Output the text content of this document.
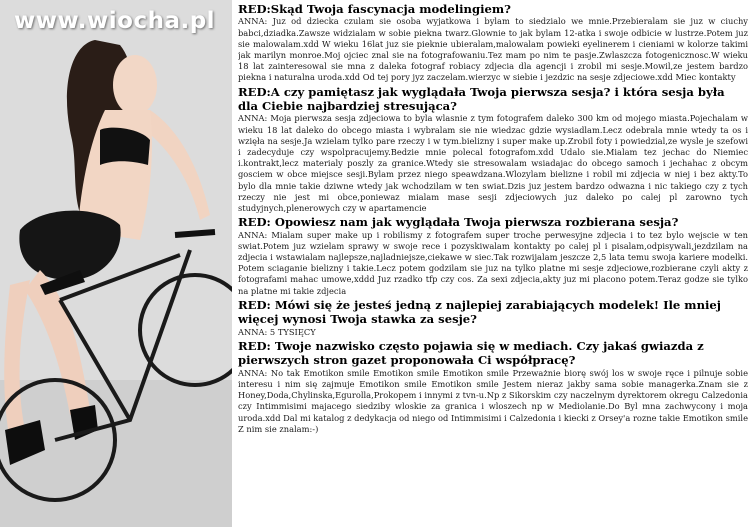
www.wiocha.pl RED:Skąd Twoja fascynacja modelingiem?

ANNA: Juz od dziecka czulam sie osoba wyjatkowa i bylam to siedzialo we mnie.Przebieralam sie juz w ciuchy babci,dziadka.Zawsze widzialam w sobie piekna twarz.Glownie to jak bylam 12-atka i swoje odbicie w lustrze.Potem juz sie malowalam.xdd W wieku 16lat juz sie pieknie ubieralam,malowalam powieki eyelinerem i cieniami w kolorze takimi jak marilyn monroe.Moj ojciec znal sie na fotografowaniu.Tez mam po nim te pasje.Zwlaszcza fotogenicznosc.W wieku 18 lat zainteresowal sie mna z daleka fotograf robiacy zdjecia dla agencji i zrobil mi sesje.Mowil,ze jestem bardzo piekna i naturalna uroda.xdd Od tej pory jyz zaczelam.wierzyc w siebie i jezdzic na sesje zdjeciowe.xdd Miec kontakty

RED:A czy pamiętasz jak wyglądała Twoja pierwsza sesja? i która sesja była dla Ciebie najbardziej stresująca?

ANNA: Moja pierwsza sesja zdjeciowa to byla wlasnie z tym fotografem daleko 300 km od mojego miasta.Pojechalam w wieku 18 lat daleko do obcego miasta i wybralam sie nie wiedzac gdzie wysiadlam.Lecz odebrala mnie wtedy ta os i wzięła na sesje.Ja wzielam tylko pare rzeczy i w tym.bielizny i super make up.Zrobil foty i powiedzial,ze wysle je szefowi i zadecyduje czy wspolpracujemy.Bedzie mnie polecal fotografom.xdd Udalo sie.Mialam tez jechac do Niemiec i.kontrakt,lecz materialy poszly za granice.Wtedy sie stresowalam wsiadajac do obcego samoch i jechahac z obcym gosciem w obce miejsce sesji.Bylam przez niego speawdzana.Wlozylam bielizne i robil mi zdjecia w niej i bez akty.To bylo dla mnie takie dziwne wtedy jak wchodzilam w ten swiat.Dzis juz jestem bardzo odwazna i nic takiego czy z tych rzeczy nie jest mi obce,poniewaz mialam mase sesji zdjeciowych juz daleko po calej pl zarowno tych studyjnych,plenerowych czy w apartamencie

RED: Opowiesz nam jak wyglądała Twoja pierwsza rozbierana sesja?

ANNA: Mialam super make up i robilismy z fotografem super troche perwesyjne zdjecia i to tez bylo wejscie w ten swiat.Potem juz wzielam sprawy w swoje rece i pozyskiwalam kontakty po calej pl i pisalam,odpisywali,jezdzilam na zdjecia i wstawialam najlepsze,najladniejsze,ciekawe w siec.Tak rozwijalam jeszcze 2,5 lata temu swoja kariere modelki. Potem sciaganie bielizny i takie.Lecz potem godzilam sie juz na tylko platne mi sesje zdjeciowe,rozbierane czyli akty z fotografami mahac umowe,xddd Juz rzadko tfp czy cos. Za sexi zdjecia,akty juz mi placono potem.Teraz godze sie tylko na platne mi takie zdjecia

RED: Mówi się że jesteś jedną z najlepiej zarabiających modelek! Ile mniej więcej wynosi Twoja stawka za sesje?

ANNA: 5 TYSIĘCY

RED: Twoje nazwisko często pojawia się w mediach. Czy jakaś gwiazda z pierwszych stron gazet proponowała Ci współpracę?

ANNA: No tak Emotikon smile Emotikon smile Emotikon smile Przeważnie biorę swój los w swoje ręce i pilnuje sobie interesu i nim się zajmuje Emotikon smile Emotikon smile Jestem nieraz jakby sama sobie managerka.Znam sie z Honey,Doda,Chylinska,Egurolla,Prokopem i innymi z tvn-u.Np z Sikorskim czy naczelnym dyrektorem okregu Calzedonia czy Intimmisimi majacego siedziby wloskie za granica i wloszech np w Mediolanie.Do Byl mna zachwycony i moja uroda.xdd Dal mi katalog z dedykacja od niego od Intimmisimi i Calzedonia i kiecki z Orsey'a rozne takie Emotikon smile Z nim sie znalam:-)
